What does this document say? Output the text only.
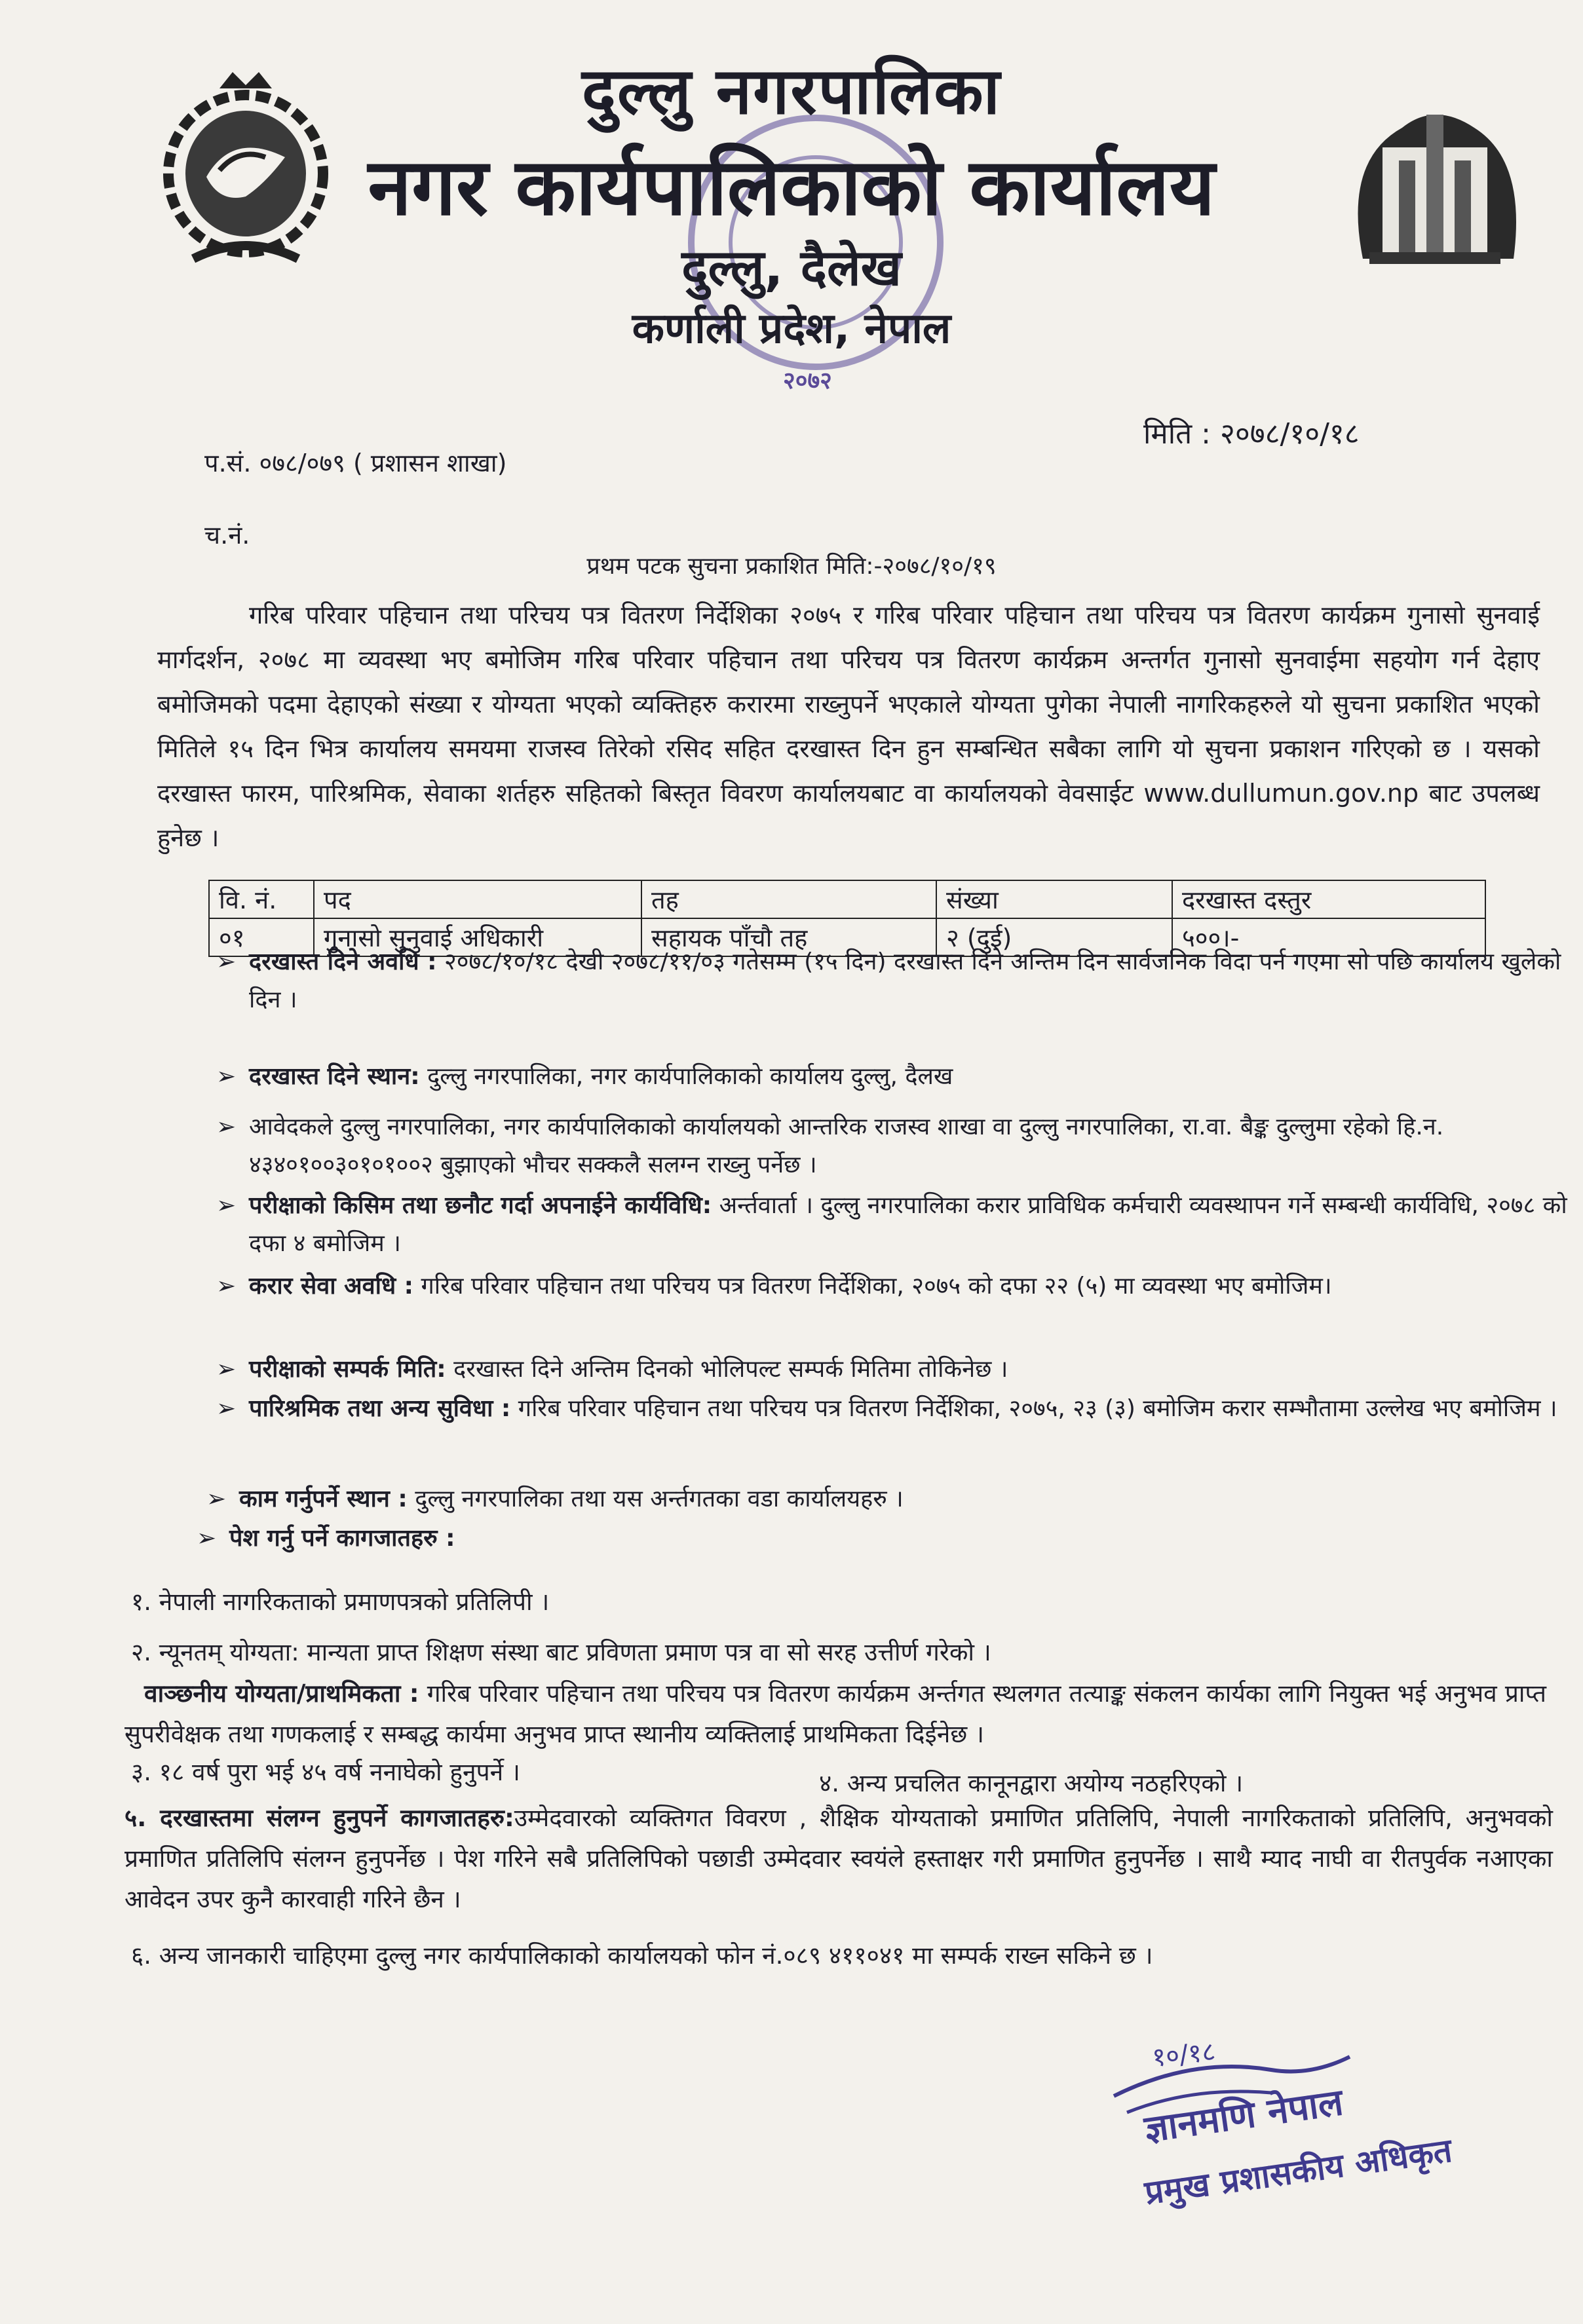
दुल्लु नगरपालिका
नगर कार्यपालिकाको कार्यालय
दुल्लु, दैलेख
कर्णाली प्रदेश, नेपाल
२०७२
मिति : २०७८/१०/१८
प.सं. ०७८/०७९ ( प्रशासन शाखा)
च.नं.
प्रथम पटक सुचना प्रकाशित मिति:-२०७८/१०/१९
गरिब परिवार पहिचान तथा परिचय पत्र वितरण निर्देशिका २०७५ र गरिब परिवार पहिचान तथा परिचय पत्र वितरण कार्यक्रम गुनासो सुनवाई मार्गदर्शन, २०७८ मा व्यवस्था भए बमोजिम गरिब परिवार पहिचान तथा परिचय पत्र वितरण कार्यक्रम अन्तर्गत गुनासो सुनवाईमा सहयोग गर्न देहाए बमोजिमको पदमा देहाएको संख्या र योग्यता भएको व्यक्तिहरु करारमा राख्नुपर्ने भएकाले योग्यता पुगेका नेपाली नागरिकहरुले यो सुचना प्रकाशित भएको मितिले १५ दिन भित्र कार्यालय समयमा राजस्व तिरेको रसिद सहित दरखास्त दिन हुन सम्बन्धित सबैका लागि यो सुचना प्रकाशन गरिएको छ । यसको दरखास्त फारम, पारिश्रमिक, सेवाका शर्तहरु सहितको बिस्तृत विवरण कार्यालयबाट वा कार्यालयको वेवसाईट www.dullumun.gov.np बाट उपलब्ध हुनेछ ।
वि. नं.	पद	तह	संख्या	दरखास्त दस्तुर
०१	गुनासो सुनुवाई अधिकारी	सहायक पाँचौ तह	२ (दुई)	५००।-
➢ दरखास्त दिने अवधि : २०७८/१०/१८ देखी २०७८/११/०३ गतेसम्म (१५ दिन) दरखास्त दिने अन्तिम दिन सार्वजनिक विदा पर्न गएमा सो पछि कार्यालय खुलेको दिन ।
➢ दरखास्त दिने स्थान: दुल्लु नगरपालिका, नगर कार्यपालिकाको कार्यालय दुल्लु, दैलख
➢ आवेदकले दुल्लु नगरपालिका, नगर कार्यपालिकाको कार्यालयको आन्तरिक राजस्व शाखा वा दुल्लु नगरपालिका, रा.वा. बैङ्क दुल्लुमा रहेको हि.न. ४३४०१००३०१०१००२ बुझाएको भौचर सक्कलै सलग्न राख्नु पर्नेछ ।
➢ परीक्षाको किसिम तथा छनौट गर्दा अपनाईने कार्यविधि: अर्न्तवार्ता । दुल्लु नगरपालिका करार प्राविधिक कर्मचारी व्यवस्थापन गर्ने सम्बन्धी कार्यविधि, २०७८ को दफा ४ बमोजिम ।
➢ करार सेवा अवधि : गरिब परिवार पहिचान तथा परिचय पत्र वितरण निर्देशिका, २०७५ को दफा २२ (५) मा व्यवस्था भए बमोजिम।
➢ परीक्षाको सम्पर्क मिति: दरखास्त दिने अन्तिम दिनको भोलिपल्ट सम्पर्क मितिमा तोकिनेछ ।
➢ पारिश्रमिक तथा अन्य सुविधा : गरिब परिवार पहिचान तथा परिचय पत्र वितरण निर्देशिका, २०७५, २३ (३) बमोजिम करार सम्भौतामा उल्लेख भए बमोजिम ।
➢ काम गर्नुपर्ने स्थान : दुल्लु नगरपालिका तथा यस अर्न्तगतका वडा कार्यालयहरु ।
➢ पेश गर्नु पर्ने कागजातहरु :
१. नेपाली नागरिकताको प्रमाणपत्रको प्रतिलिपी ।
२. न्यूनतम् योग्यता: मान्यता प्राप्त शिक्षण संस्था बाट प्रविणता प्रमाण पत्र वा सो सरह उत्तीर्ण गरेको ।
वाञ्छनीय योग्यता/प्राथमिकता : गरिब परिवार पहिचान तथा परिचय पत्र वितरण कार्यक्रम अर्न्तगत स्थलगत तत्याङ्क संकलन कार्यका लागि नियुक्त भई अनुभव प्राप्त सुपरीवेक्षक तथा गणकलाई र सम्बद्ध कार्यमा अनुभव प्राप्त स्थानीय व्यक्तिलाई प्राथमिकता दिईनेछ ।
३. १८ वर्ष पुरा भई ४५ वर्ष ननाघेको हुनुपर्ने ।	४. अन्य प्रचलित कानूनद्वारा अयोग्य नठहरिएको ।
५. दरखास्तमा संलग्न हुनुपर्ने कागजातहरु:उम्मेदवारको व्यक्तिगत विवरण , शैक्षिक योग्यताको प्रमाणित प्रतिलिपि, नेपाली नागरिकताको प्रतिलिपि, अनुभवको प्रमाणित प्रतिलिपि संलग्न हुनुपर्नेछ । पेश गरिने सबै प्रतिलिपिको पछाडी उम्मेदवार स्वयंले हस्ताक्षर गरी प्रमाणित हुनुपर्नेछ । साथै म्याद नाघी वा रीतपुर्वक नआएका आवेदन उपर कुनै कारवाही गरिने छैन ।
६. अन्य जानकारी चाहिएमा दुल्लु नगर कार्यपालिकाको कार्यालयको फोन नं.०८९ ४११०४१ मा सम्पर्क राख्न सकिने छ ।
१०/१८
ज्ञानमणि नेपाल
प्रमुख प्रशासकीय अधिकृत
